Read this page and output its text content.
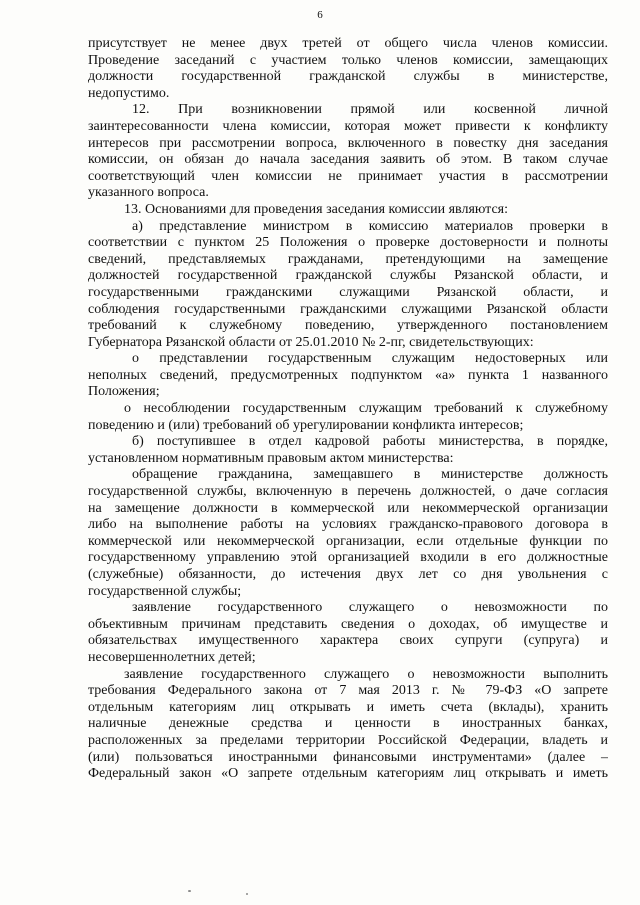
6
присутствует не менее двух третей от общего числа членов комиссии.
Проведение заседаний с участием только членов комиссии, замещающих
должности государственной гражданской службы в министерстве,
недопустимо.
12. При возникновении прямой или косвенной личной
заинтересованности члена комиссии, которая может привести к конфликту
интересов при рассмотрении вопроса, включенного в повестку дня заседания
комиссии, он обязан до начала заседания заявить об этом. В таком случае
соответствующий член комиссии не принимает участия в рассмотрении
указанного вопроса.
13. Основаниями для проведения заседания комиссии являются:
а) представление министром в комиссию материалов проверки в
соответствии с пунктом 25 Положения о проверке достоверности и полноты
сведений, представляемых гражданами, претендующими на замещение
должностей государственной гражданской службы Рязанской области, и
государственными гражданскими служащими Рязанской области, и
соблюдения государственными гражданскими служащими Рязанской области
требований к служебному поведению, утвержденного постановлением
Губернатора Рязанской области от 25.01.2010 № 2-пг, свидетельствующих:
о представлении государственным служащим недостоверных или
неполных сведений, предусмотренных подпунктом «а» пункта 1 названного
Положения;
о несоблюдении государственным служащим требований к служебному
поведению и (или) требований об урегулировании конфликта интересов;
б) поступившее в отдел кадровой работы министерства, в порядке,
установленном нормативным правовым актом министерства:
обращение гражданина, замещавшего в министерстве должность
государственной службы, включенную в перечень должностей, о даче согласия
на замещение должности в коммерческой или некоммерческой организации
либо на выполнение работы на условиях гражданско-правового договора в
коммерческой или некоммерческой организации, если отдельные функции по
государственному управлению этой организацией входили в его должностные
(служебные) обязанности, до истечения двух лет со дня увольнения с
государственной службы;
заявление государственного служащего о невозможности по
объективным причинам представить сведения о доходах, об имуществе и
обязательствах имущественного характера своих супруги (супруга) и
несовершеннолетних детей;
заявление государственного служащего о невозможности выполнить
требования Федерального закона от 7 мая 2013 г. № 79-ФЗ «О запрете
отдельным категориям лиц открывать и иметь счета (вклады), хранить
наличные денежные средства и ценности в иностранных банках,
расположенных за пределами территории Российской Федерации, владеть и
(или) пользоваться иностранными финансовыми инструментами» (далее –
Федеральный закон «О запрете отдельным категориям лиц открывать и иметь
